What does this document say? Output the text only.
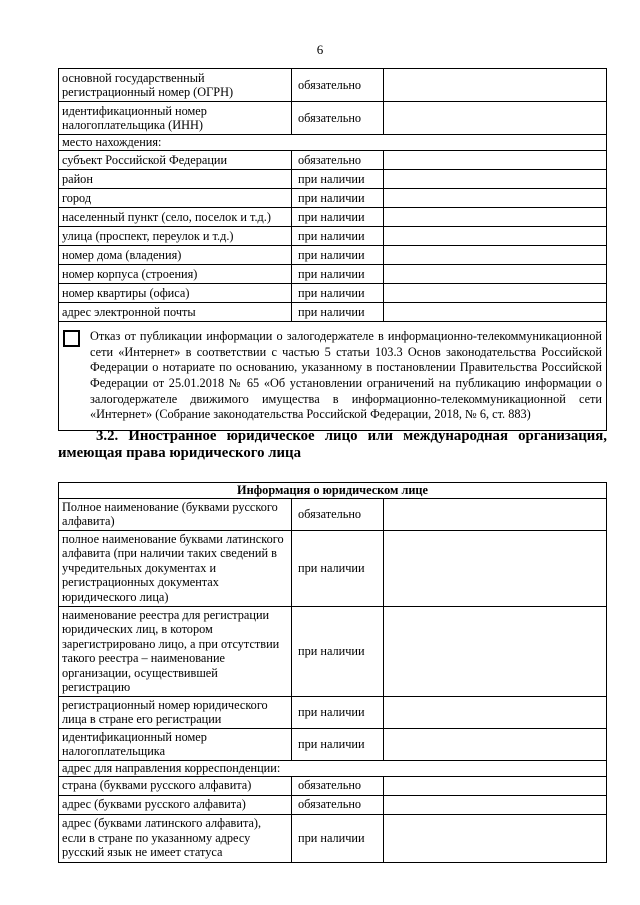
6
основной государственный регистрационный номер (ОГРН)	обязательно	
идентификационный номер налогоплательщика (ИНН)	обязательно	
место нахождения:		
субъект Российской Федерации	обязательно	
район	при наличии	
город	при наличии	
населенный пункт (село, поселок и т.д.)	при наличии	
улица (проспект, переулок и т.д.)	при наличии	
номер дома (владения)	при наличии	
номер корпуса (строения)	при наличии	
номер квартиры (офиса)	при наличии	
адрес электронной почты	при наличии	

Отказ от публикации информации о залогодержателе в информационно-телекоммуникационной сети «Интернет» в соответствии с частью 5 статьи 103.3 Основ законодательства Российской Федерации о нотариате по основанию, указанному в постановлении Правительства Российской Федерации от 25.01.2018 № 65 «Об установлении ограничений на публикацию информации о залогодержателе движимого имущества в информационно-телекоммуникационной сети «Интернет» (Собрание законодательства Российской Федерации, 2018, № 6, ст. 883)		
3.2. Иностранное юридическое лицо или международная организация, имеющая права юридического лица
Информация о юридическом лице		
Полное наименование (буквами русского алфавита)	обязательно	
полное наименование буквами латинского алфавита (при наличии таких сведений в учредительных документах и регистрационных документах юридического лица)	при наличии	
наименование реестра для регистрации юридических лиц, в котором зарегистрировано лицо, а при отсутствии такого реестра – наименование организации, осуществившей регистрацию	при наличии	
регистрационный номер юридического лица в стране его регистрации	при наличии	
идентификационный номер налогоплательщика	при наличии	
адрес для направления корреспонденции:		
страна (буквами русского алфавита)	обязательно	
адрес (буквами русского алфавита)	обязательно	
адрес (буквами латинского алфавита), если в стране по указанному адресу русский язык не имеет статуса	при наличии	
